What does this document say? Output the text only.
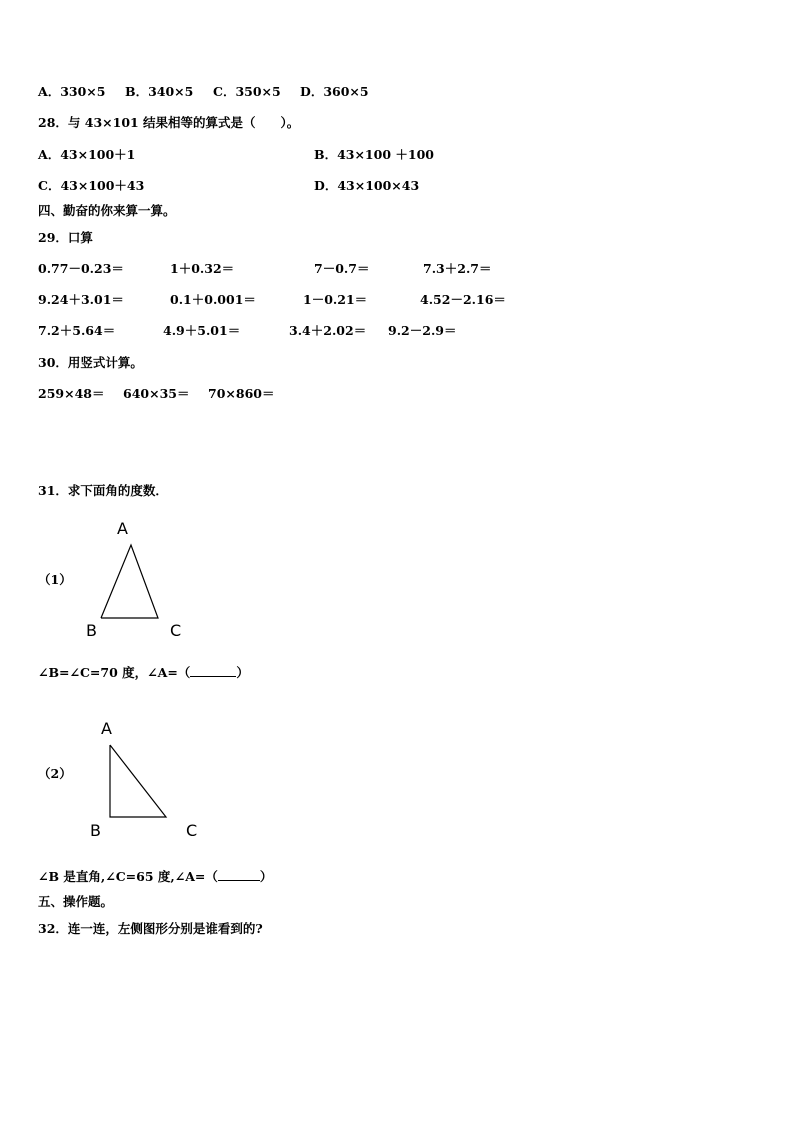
A．330×5 B．340×5 C．350×5 D．360×5
28．与 43×101 结果相等的算式是（　　）。
A．43×100＋1	B．43×100 ＋100
C．43×100＋43	D．43×100×43
四、勤奋的你来算一算。
29．口算
0.77－0.23＝	1＋0.32＝	7－0.7＝	7.3＋2.7＝
9.24＋3.01＝	0.1＋0.001＝	1－0.21＝	4.52－2.16＝
7.2＋5.64＝	4.9＋5.01＝	3.4＋2.02＝ 9.2－2.9＝
30．用竖式计算。
259×48＝ 640×35＝ 70×860＝
31．求下面角的度数．
（1）
A
B	C
∠B=∠C=70 度，∠A=（	）
（2）
A
B	C
∠B 是直角,∠C=65 度,∠A=（	）
五、操作题。
32．连一连，左侧图形分别是谁看到的?
